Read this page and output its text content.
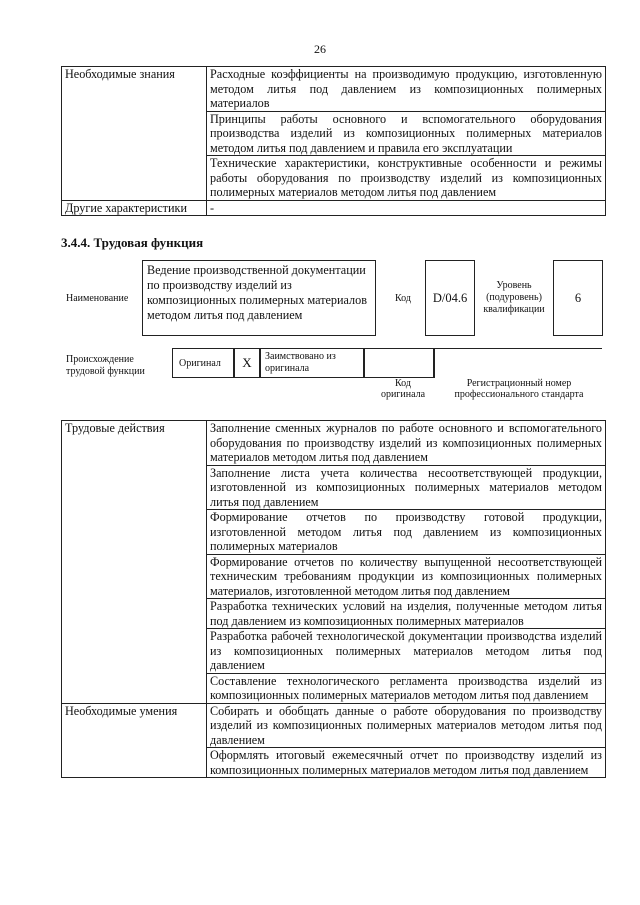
26
Необходимые знания	Расходные коэффициенты на производимую продукцию, изготовленную методом литья под давлением из композиционных полимерных материалов
	Принципы работы основного и вспомогательного оборудования производства изделий из композиционных полимерных материалов методом литья под давлением и правила его эксплуатации
	Технические характеристики, конструктивные особенности и режимы работы оборудования по производству изделий из композиционных полимерных материалов методом литья под давлением
Другие характеристики	-
3.4.4. Трудовая функция
Наименование
Ведение производственной документации по производству изделий из композиционных полимерных материалов методом литья под давлением
Код	D/04.6
Уровень (подуровень) квалификации
6
Происхождение трудовой функции
Оригинал	X	Заимствовано из оригинала
Код оригинала
Регистрационный номер профессионального стандарта
Трудовые действия	Заполнение сменных журналов по работе основного и вспомогательного оборудования по производству изделий из композиционных полимерных материалов методом литья под давлением
	Заполнение листа учета количества несоответствующей продукции, изготовленной из композиционных полимерных материалов методом литья под давлением
	Формирование отчетов по производству готовой продукции, изготовленной методом литья под давлением из композиционных полимерных материалов
	Формирование отчетов по количеству выпущенной несоответствующей техническим требованиям продукции из композиционных полимерных материалов, изготовленной методом литья под давлением
	Разработка технических условий на изделия, полученные методом литья под давлением из композиционных полимерных материалов
	Разработка рабочей технологической документации производства изделий из композиционных полимерных материалов методом литья под давлением
	Составление технологического регламента производства изделий из композиционных полимерных материалов методом литья под давлением
Необходимые умения	Собирать и обобщать данные о работе оборудования по производству изделий из композиционных полимерных материалов методом литья под давлением
	Оформлять итоговый ежемесячный отчет по производству изделий из композиционных полимерных материалов методом литья под давлением
